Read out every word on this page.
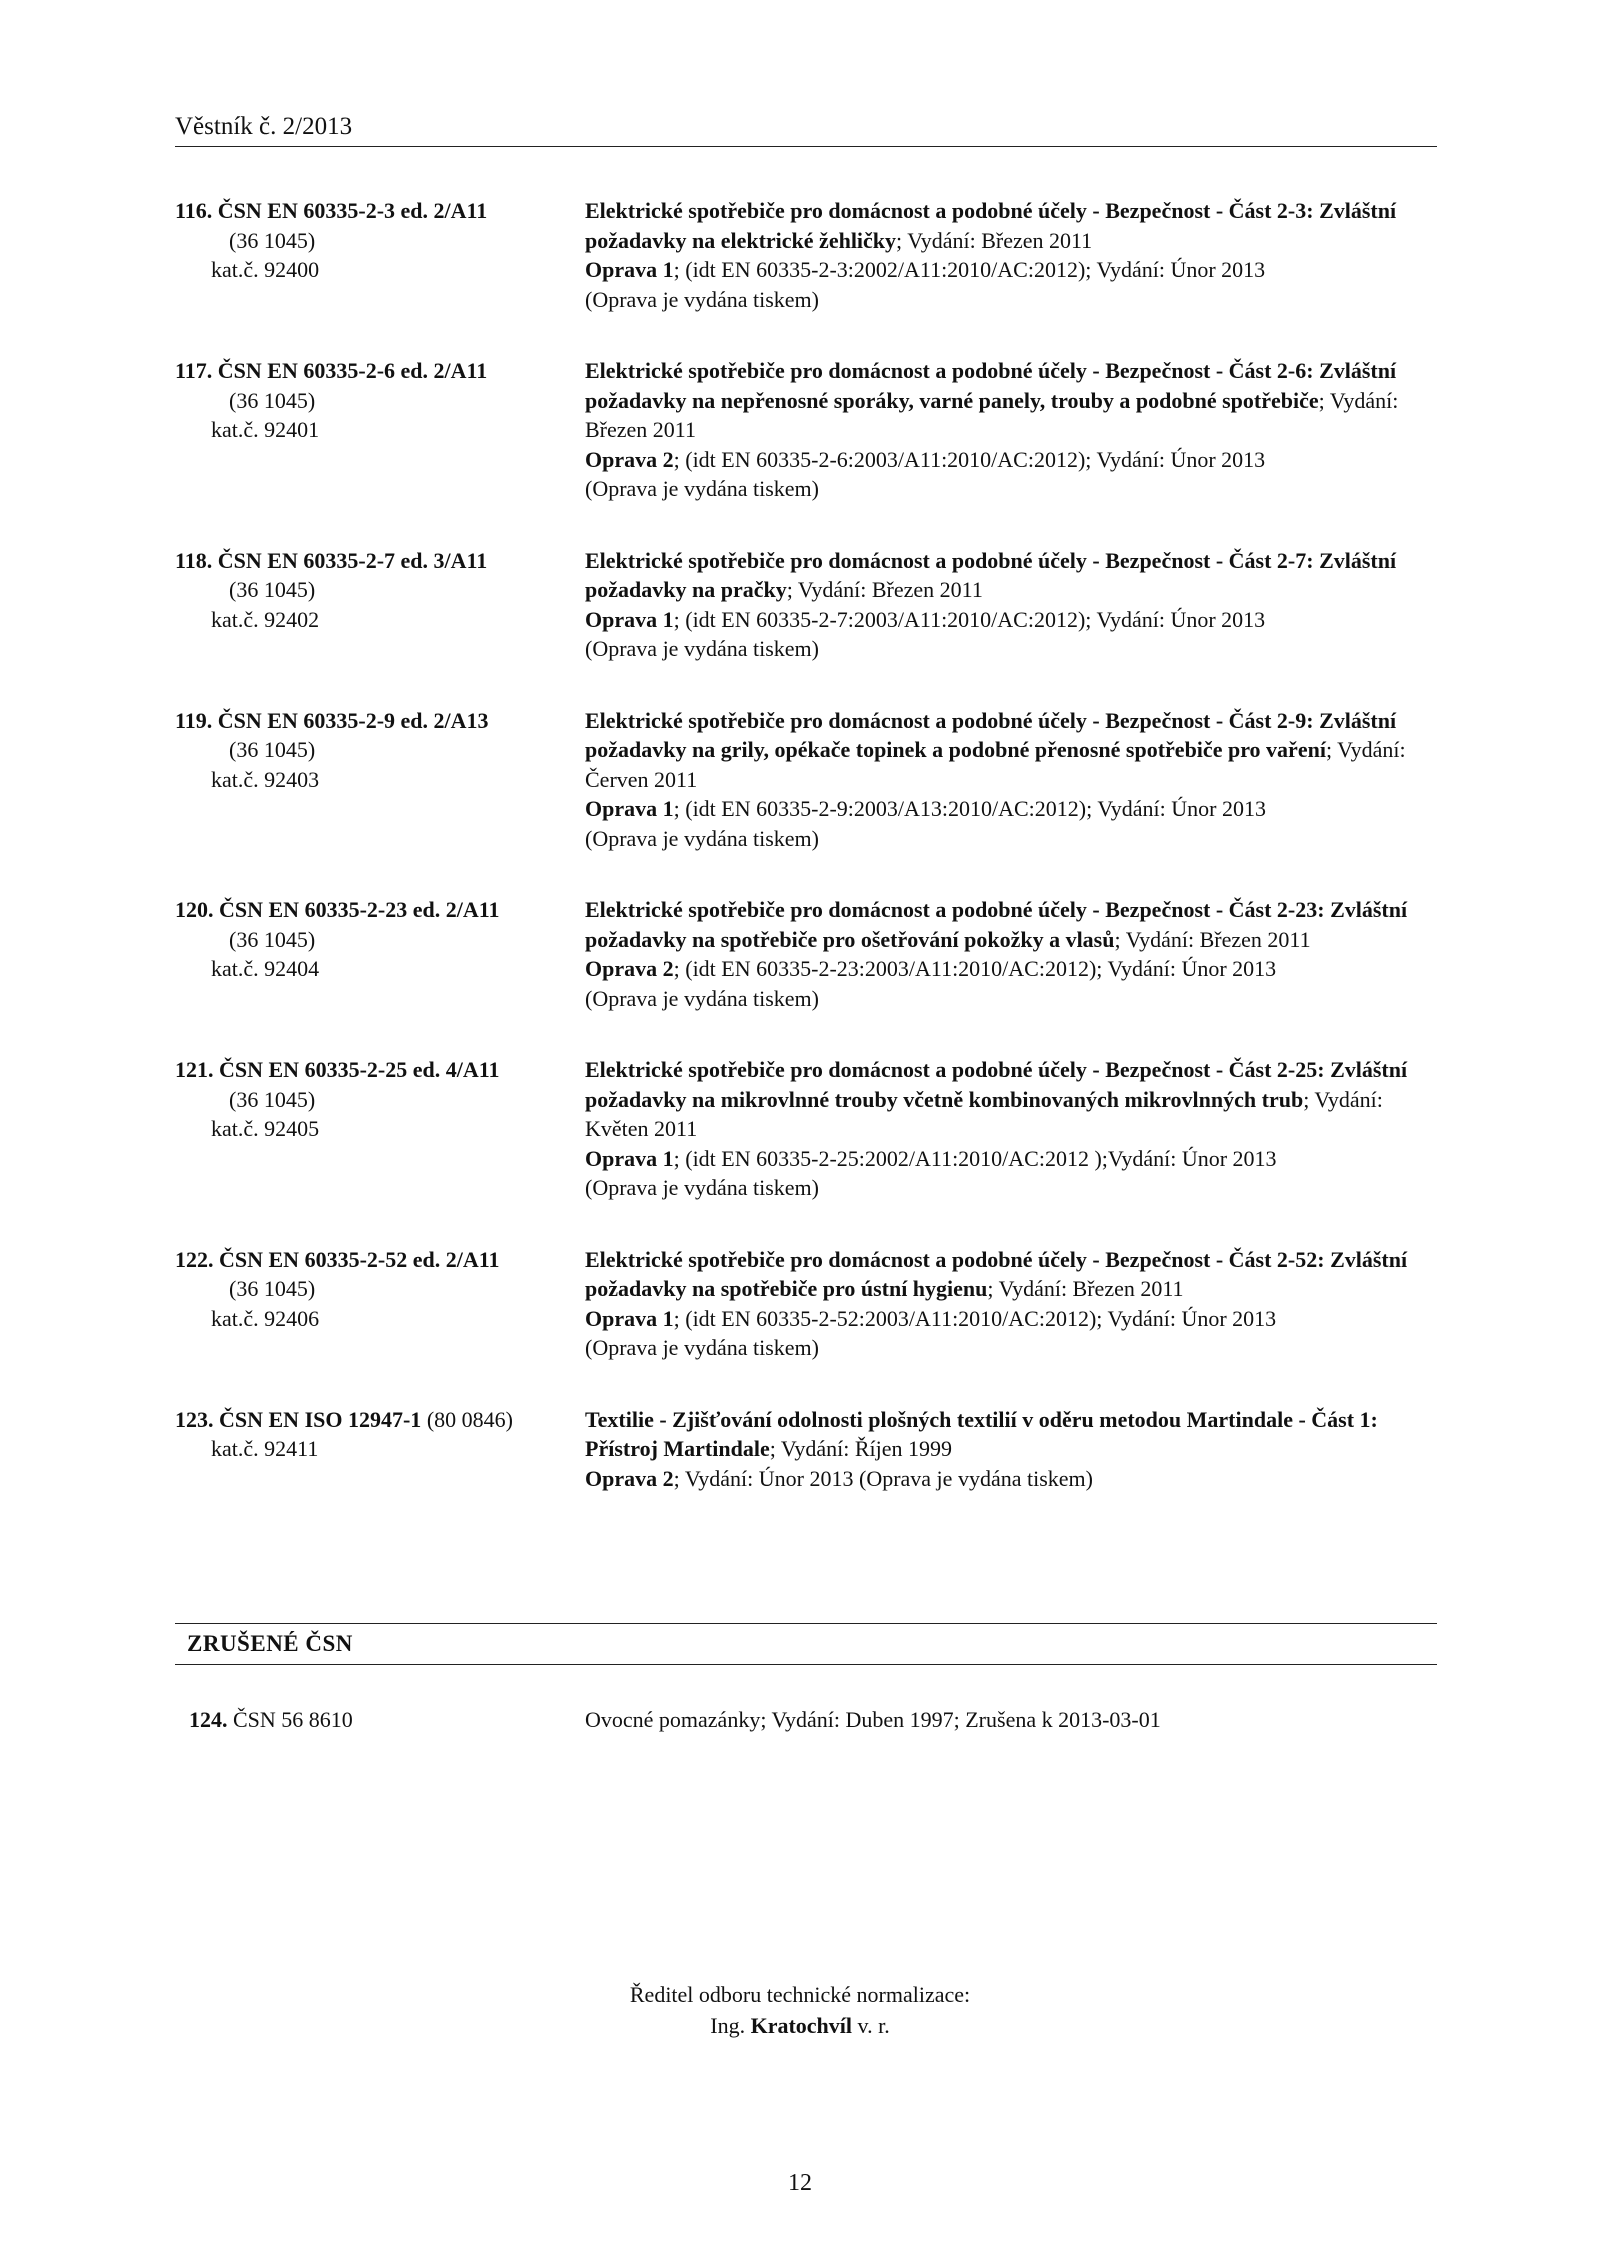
Věstník č. 2/2013
116. ČSN EN 60335-2-3 ed. 2/A11
(36 1045)
kat.č. 92400
Elektrické spotřebiče pro domácnost a podobné účely - Bezpečnost - Část 2-3: Zvláštní požadavky na elektrické žehličky; Vydání: Březen 2011
Oprava 1; (idt EN 60335-2-3:2002/A11:2010/AC:2012); Vydání: Únor 2013
(Oprava je vydána tiskem)
117. ČSN EN 60335-2-6 ed. 2/A11
(36 1045)
kat.č. 92401
Elektrické spotřebiče pro domácnost a podobné účely - Bezpečnost - Část 2-6: Zvláštní požadavky na nepřenosné sporáky, varné panely, trouby a podobné spotřebiče; Vydání: Březen 2011
Oprava 2; (idt EN 60335-2-6:2003/A11:2010/AC:2012); Vydání: Únor 2013
(Oprava je vydána tiskem)
118. ČSN EN 60335-2-7 ed. 3/A11
(36 1045)
kat.č. 92402
Elektrické spotřebiče pro domácnost a podobné účely - Bezpečnost - Část 2-7: Zvláštní požadavky na pračky; Vydání: Březen 2011
Oprava 1; (idt EN 60335-2-7:2003/A11:2010/AC:2012); Vydání: Únor 2013
(Oprava je vydána tiskem)
119. ČSN EN 60335-2-9 ed. 2/A13
(36 1045)
kat.č. 92403
Elektrické spotřebiče pro domácnost a podobné účely - Bezpečnost - Část 2-9: Zvláštní požadavky na grily, opékače topinek a podobné přenosné spotřebiče pro vaření; Vydání: Červen 2011
Oprava 1; (idt EN 60335-2-9:2003/A13:2010/AC:2012); Vydání: Únor 2013
(Oprava je vydána tiskem)
120. ČSN EN 60335-2-23 ed. 2/A11
(36 1045)
kat.č. 92404
Elektrické spotřebiče pro domácnost a podobné účely - Bezpečnost - Část 2-23: Zvláštní požadavky na spotřebiče pro ošetřování pokožky a vlasů; Vydání: Březen 2011
Oprava 2; (idt EN 60335-2-23:2003/A11:2010/AC:2012); Vydání: Únor 2013
(Oprava je vydána tiskem)
121. ČSN EN 60335-2-25 ed. 4/A11
(36 1045)
kat.č. 92405
Elektrické spotřebiče pro domácnost a podobné účely - Bezpečnost - Část 2-25: Zvláštní požadavky na mikrovlnné trouby včetně kombinovaných mikrovlnných trub; Vydání: Květen 2011
Oprava 1; (idt EN 60335-2-25:2002/A11:2010/AC:2012 );Vydání: Únor 2013
(Oprava je vydána tiskem)
122. ČSN EN 60335-2-52 ed. 2/A11
(36 1045)
kat.č. 92406
Elektrické spotřebiče pro domácnost a podobné účely - Bezpečnost - Část 2-52: Zvláštní požadavky na spotřebiče pro ústní hygienu; Vydání: Březen 2011
Oprava 1; (idt EN 60335-2-52:2003/A11:2010/AC:2012); Vydání: Únor 2013
(Oprava je vydána tiskem)
123. ČSN EN ISO 12947-1 (80 0846)
kat.č. 92411
Textilie - Zjišťování odolnosti plošných textilií v oděru metodou Martindale - Část 1: Přístroj Martindale; Vydání: Říjen 1999
Oprava 2; Vydání: Únor 2013 (Oprava je vydána tiskem)
ZRUŠENÉ ČSN
124. ČSN 56 8610	Ovocné pomazánky; Vydání: Duben 1997; Zrušena k 2013-03-01
Ředitel odboru technické normalizace:
Ing. Kratochvíl v. r.
12
